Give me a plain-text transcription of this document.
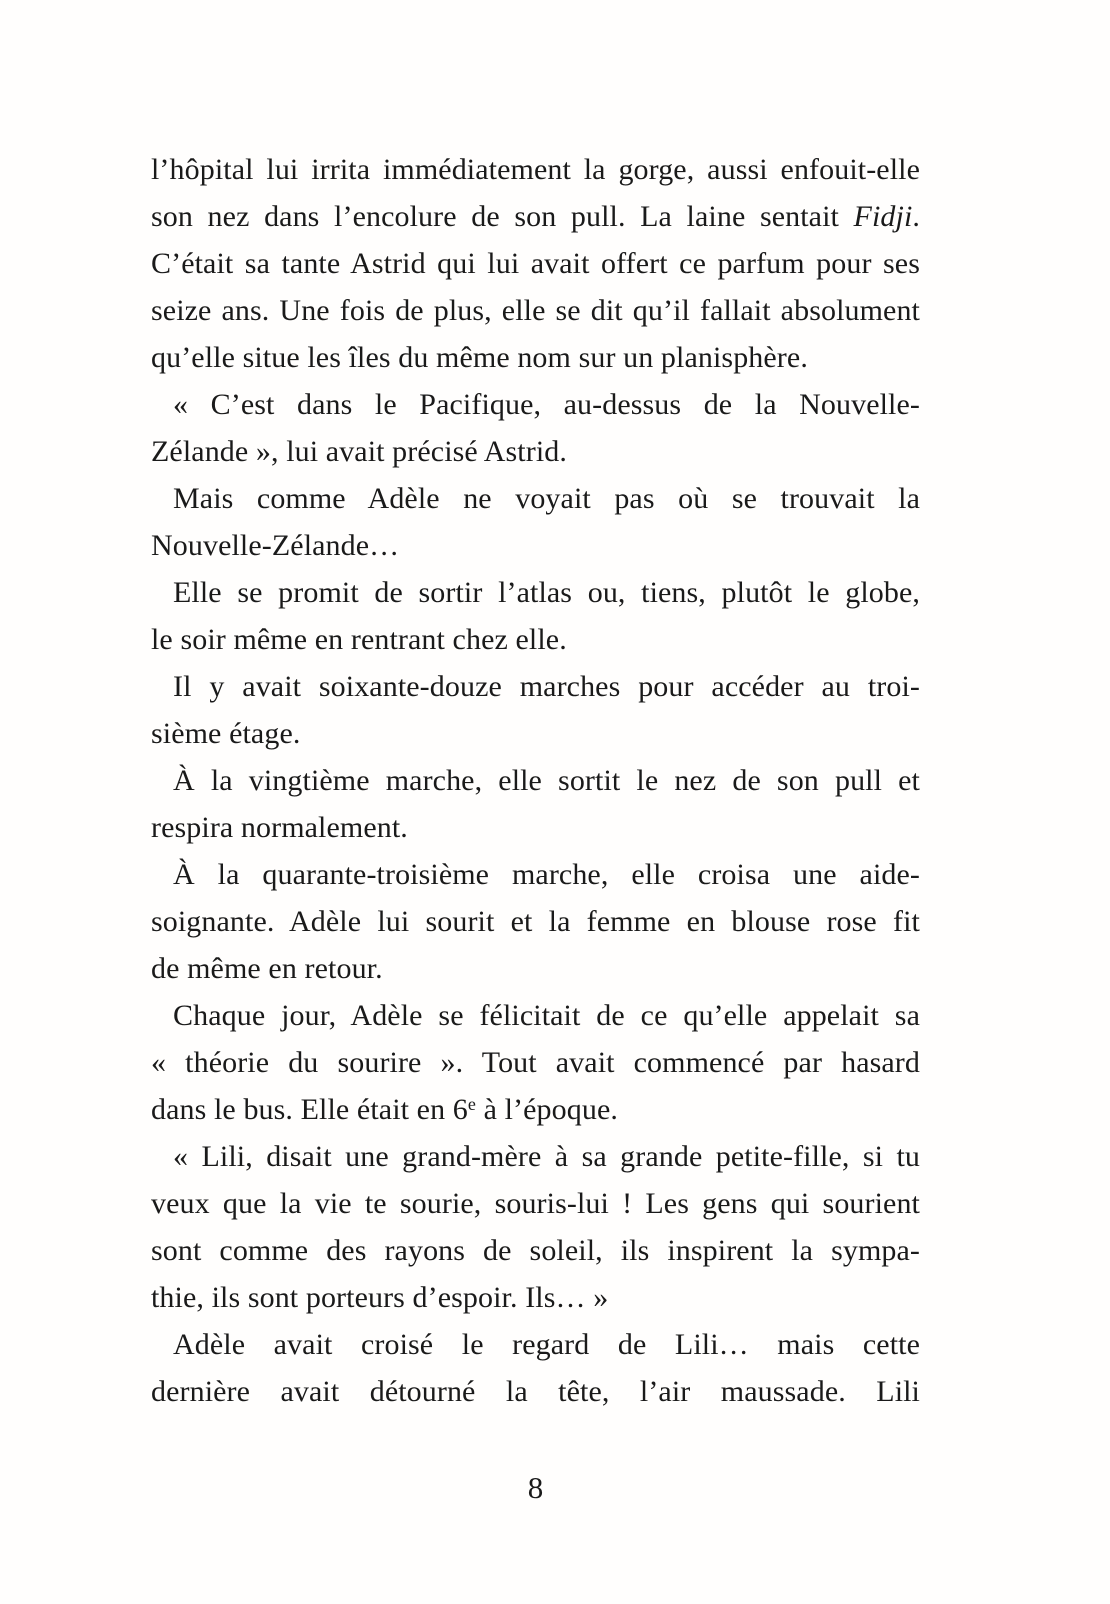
l’hôpital lui irrita immédiatement la gorge, aussi enfouit-elle
son nez dans l’encolure de son pull. La laine sentait Fidji.
C’était sa tante Astrid qui lui avait offert ce parfum pour ses
seize ans. Une fois de plus, elle se dit qu’il fallait absolument
qu’elle situe les îles du même nom sur un planisphère.
« C’est dans le Pacifique, au-dessus de la Nouvelle-
Zélande », lui avait précisé Astrid.
Mais comme Adèle ne voyait pas où se trouvait la
Nouvelle-Zélande…
Elle se promit de sortir l’atlas ou, tiens, plutôt le globe,
le soir même en rentrant chez elle.
Il y avait soixante-douze marches pour accéder au troi-
sième étage.
À la vingtième marche, elle sortit le nez de son pull et
respira normalement.
À la quarante-troisième marche, elle croisa une aide-
soignante. Adèle lui sourit et la femme en blouse rose fit
de même en retour.
Chaque jour, Adèle se félicitait de ce qu’elle appelait sa
« théorie du sourire ». Tout avait commencé par hasard
dans le bus. Elle était en 6e à l’époque.
« Lili, disait une grand-mère à sa grande petite-fille, si tu
veux que la vie te sourie, souris-lui ! Les gens qui sourient
sont comme des rayons de soleil, ils inspirent la sympa-
thie, ils sont porteurs d’espoir. Ils… »
Adèle avait croisé le regard de Lili… mais cette
dernière avait détourné la tête, l’air maussade. Lili
8
